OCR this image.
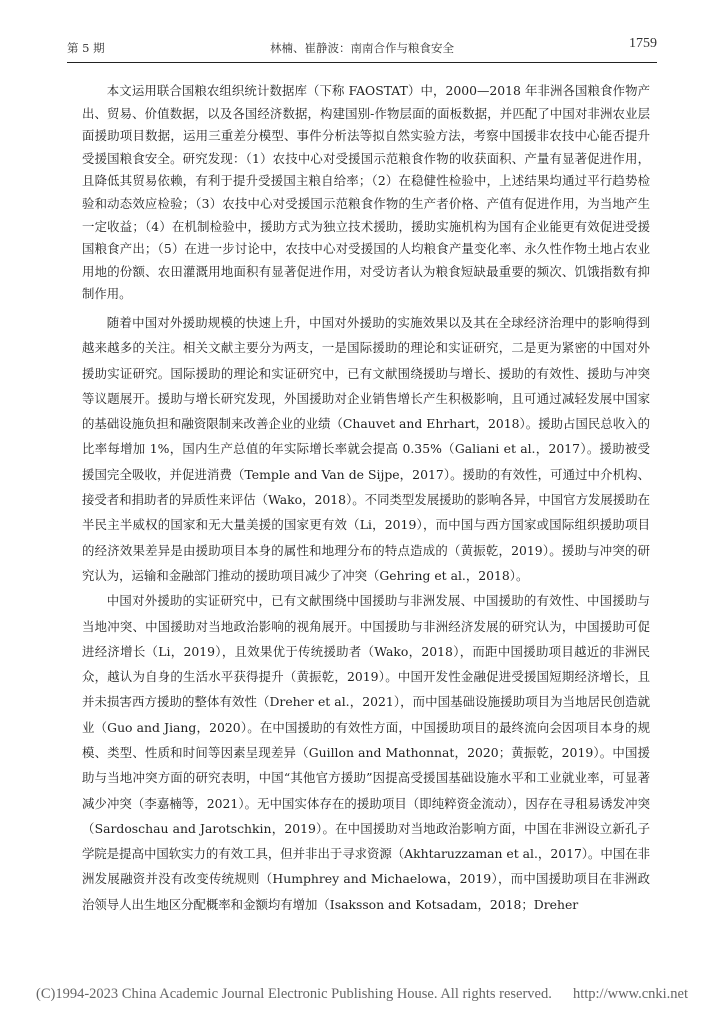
第 5 期	林楠、崔静波：南南合作与粮食安全	1759

本文运用联合国粮农组织统计数据库（下称 FAOSTAT）中，2000—2018 年非洲各国粮食作物产出、贸易、价值数据，以及各国经济数据，构建国别-作物层面的面板数据，并匹配了中国对非洲农业层面援助项目数据，运用三重差分模型、事件分析法等拟自然实验方法，考察中国援非农技中心能否提升受援国粮食安全。研究发现：（1）农技中心对受援国示范粮食作物的收获面积、产量有显著促进作用，且降低其贸易依赖，有利于提升受援国主粮自给率；（2）在稳健性检验中，上述结果均通过平行趋势检验和动态效应检验；（3）农技中心对受援国示范粮食作物的生产者价格、产值有促进作用，为当地产生一定收益；（4）在机制检验中，援助方式为独立技术援助，援助实施机构为国有企业能更有效促进受援国粮食产出；（5）在进一步讨论中，农技中心对受援国的人均粮食产量变化率、永久性作物土地占农业用地的份额、农田灌溉用地面积有显著促进作用，对受访者认为粮食短缺最重要的频次、饥饿指数有抑制作用。

随着中国对外援助规模的快速上升，中国对外援助的实施效果以及其在全球经济治理中的影响得到越来越多的关注。相关文献主要分为两支，一是国际援助的理论和实证研究，二是更为紧密的中国对外援助实证研究。国际援助的理论和实证研究中，已有文献围绕援助与增长、援助的有效性、援助与冲突等议题展开。援助与增长研究发现，外国援助对企业销售增长产生积极影响，且可通过减轻发展中国家的基础设施负担和融资限制来改善企业的业绩（Chauvet and Ehrhart，2018）。援助占国民总收入的比率每增加 1%，国内生产总值的年实际增长率就会提高 0.35%（Galiani et al.，2017）。援助被受援国完全吸收，并促进消费（Temple and Van de Sijpe，2017）。援助的有效性，可通过中介机构、接受者和捐助者的异质性来评估（Wako，2018）。不同类型发展援助的影响各异，中国官方发展援助在半民主半威权的国家和无大量美援的国家更有效（Li，2019），而中国与西方国家或国际组织援助项目的经济效果差异是由援助项目本身的属性和地理分布的特点造成的（黄振乾，2019）。援助与冲突的研究认为，运输和金融部门推动的援助项目减少了冲突（Gehring et al.，2018）。

中国对外援助的实证研究中，已有文献围绕中国援助与非洲发展、中国援助的有效性、中国援助与当地冲突、中国援助对当地政治影响的视角展开。中国援助与非洲经济发展的研究认为，中国援助可促进经济增长（Li，2019），且效果优于传统援助者（Wako，2018），而距中国援助项目越近的非洲民众，越认为自身的生活水平获得提升（黄振乾，2019）。中国开发性金融促进受援国短期经济增长，且并未损害西方援助的整体有效性（Dreher et al.，2021），而中国基础设施援助项目为当地居民创造就业（Guo and Jiang，2020）。在中国援助的有效性方面，中国援助项目的最终流向会因项目本身的规模、类型、性质和时间等因素呈现差异（Guillon and Mathonnat，2020；黄振乾，2019）。中国援助与当地冲突方面的研究表明，中国“其他官方援助”因提高受援国基础设施水平和工业就业率，可显著减少冲突（李嘉楠等，2021）。无中国实体存在的援助项目（即纯粹资金流动），因存在寻租易诱发冲突（Sardoschau and Jarotschkin，2019）。在中国援助对当地政治影响方面，中国在非洲设立新孔子学院是提高中国软实力的有效工具，但并非出于寻求资源（Akhtaruzzaman et al.，2017）。中国在非洲发展融资并没有改变传统规则（Humphrey and Michaelowa，2019），而中国援助项目在非洲政治领导人出生地区分配概率和金额均有增加（Isaksson and Kotsadam，2018；Dreher

(C)1994-2023 China Academic Journal Electronic Publishing House. All rights reserved. http://www.cnki.net
